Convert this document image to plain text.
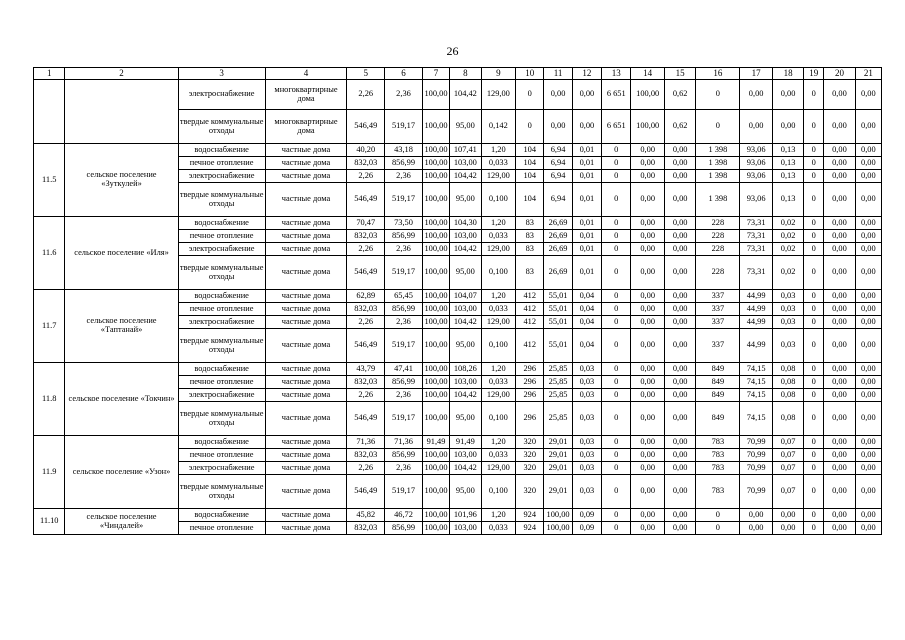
26
1	2	3	4	5	6	7	8	9	10	11	12	13	14	15	16	17	18	19	20	21
		электроснабжение	многоквартирные дома	2,26	2,36	100,00	104,42	129,00	0	0,00	0,00	6 651	100,00	0,62	0	0,00	0,00	0	0,00	0,00
		твердые коммунальные отходы	многоквартирные дома	546,49	519,17	100,00	95,00	0,142	0	0,00	0,00	6 651	100,00	0,62	0	0,00	0,00	0	0,00	0,00
11.5	сельское поселение «Зуткулей»	водоснабжение	частные дома	40,20	43,18	100,00	107,41	1,20	104	6,94	0,01	0	0,00	0,00	1 398	93,06	0,13	0	0,00	0,00
		печное отопление	частные дома	832,03	856,99	100,00	103,00	0,033	104	6,94	0,01	0	0,00	0,00	1 398	93,06	0,13	0	0,00	0,00
		электроснабжение	частные дома	2,26	2,36	100,00	104,42	129,00	104	6,94	0,01	0	0,00	0,00	1 398	93,06	0,13	0	0,00	0,00
		твердые коммунальные отходы	частные дома	546,49	519,17	100,00	95,00	0,100	104	6,94	0,01	0	0,00	0,00	1 398	93,06	0,13	0	0,00	0,00
11.6	сельское поселение «Иля»	водоснабжение	частные дома	70,47	73,50	100,00	104,30	1,20	83	26,69	0,01	0	0,00	0,00	228	73,31	0,02	0	0,00	0,00
		печное отопление	частные дома	832,03	856,99	100,00	103,00	0,033	83	26,69	0,01	0	0,00	0,00	228	73,31	0,02	0	0,00	0,00
		электроснабжение	частные дома	2,26	2,36	100,00	104,42	129,00	83	26,69	0,01	0	0,00	0,00	228	73,31	0,02	0	0,00	0,00
		твердые коммунальные отходы	частные дома	546,49	519,17	100,00	95,00	0,100	83	26,69	0,01	0	0,00	0,00	228	73,31	0,02	0	0,00	0,00
11.7	сельское поселение «Таптанай»	водоснабжение	частные дома	62,89	65,45	100,00	104,07	1,20	412	55,01	0,04	0	0,00	0,00	337	44,99	0,03	0	0,00	0,00
		печное отопление	частные дома	832,03	856,99	100,00	103,00	0,033	412	55,01	0,04	0	0,00	0,00	337	44,99	0,03	0	0,00	0,00
		электроснабжение	частные дома	2,26	2,36	100,00	104,42	129,00	412	55,01	0,04	0	0,00	0,00	337	44,99	0,03	0	0,00	0,00
		твердые коммунальные отходы	частные дома	546,49	519,17	100,00	95,00	0,100	412	55,01	0,04	0	0,00	0,00	337	44,99	0,03	0	0,00	0,00
11.8	сельское поселение «Токчин»	водоснабжение	частные дома	43,79	47,41	100,00	108,26	1,20	296	25,85	0,03	0	0,00	0,00	849	74,15	0,08	0	0,00	0,00
		печное отопление	частные дома	832,03	856,99	100,00	103,00	0,033	296	25,85	0,03	0	0,00	0,00	849	74,15	0,08	0	0,00	0,00
		электроснабжение	частные дома	2,26	2,36	100,00	104,42	129,00	296	25,85	0,03	0	0,00	0,00	849	74,15	0,08	0	0,00	0,00
		твердые коммунальные отходы	частные дома	546,49	519,17	100,00	95,00	0,100	296	25,85	0,03	0	0,00	0,00	849	74,15	0,08	0	0,00	0,00
11.9	сельское поселение «Узон»	водоснабжение	частные дома	71,36	71,36	91,49	91,49	1,20	320	29,01	0,03	0	0,00	0,00	783	70,99	0,07	0	0,00	0,00
		печное отопление	частные дома	832,03	856,99	100,00	103,00	0,033	320	29,01	0,03	0	0,00	0,00	783	70,99	0,07	0	0,00	0,00
		электроснабжение	частные дома	2,26	2,36	100,00	104,42	129,00	320	29,01	0,03	0	0,00	0,00	783	70,99	0,07	0	0,00	0,00
		твердые коммунальные отходы	частные дома	546,49	519,17	100,00	95,00	0,100	320	29,01	0,03	0	0,00	0,00	783	70,99	0,07	0	0,00	0,00
11.10	сельское поселение «Чиндалей»	водоснабжение	частные дома	45,82	46,72	100,00	101,96	1,20	924	100,00	0,09	0	0,00	0,00	0	0,00	0,00	0	0,00	0,00
		печное отопление	частные дома	832,03	856,99	100,00	103,00	0,033	924	100,00	0,09	0	0,00	0,00	0	0,00	0,00	0	0,00	0,00
